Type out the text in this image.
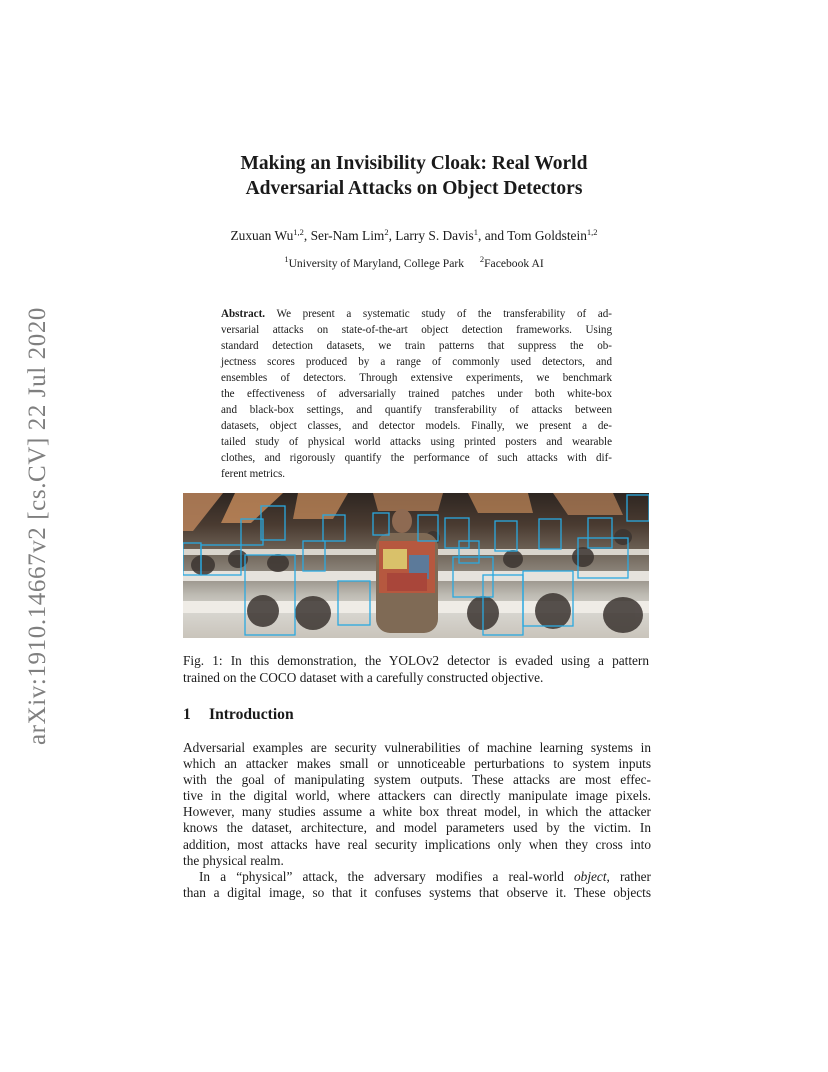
arXiv:1910.14667v2 [cs.CV] 22 Jul 2020
Making an Invisibility Cloak: Real World
Adversarial Attacks on Object Detectors
Zuxuan Wu$^{1,2}$, Ser-Nam Lim$^2$, Larry S. Davis$^1$, and Tom Goldstein$^{1,2}$
$^1$University of Maryland, College Park $^2$Facebook AI
Abstract. We present a systematic study of the transferability of ad-
versarial attacks on state-of-the-art object detection frameworks. Using
standard detection datasets, we train patterns that suppress the ob-
jectness scores produced by a range of commonly used detectors, and
ensembles of detectors. Through extensive experiments, we benchmark
the effectiveness of adversarially trained patches under both white-box
and black-box settings, and quantify transferability of attacks between
datasets, object classes, and detector models. Finally, we present a de-
tailed study of physical world attacks using printed posters and wearable
clothes, and rigorously quantify the performance of such attacks with dif-
ferent metrics.
Fig. 1: In this demonstration, the YOLOv2 detector is evaded using a pattern
trained on the COCO dataset with a carefully constructed objective.
1 Introduction
Adversarial examples are security vulnerabilities of machine learning systems in
which an attacker makes small or unnoticeable perturbations to system inputs
with the goal of manipulating system outputs. These attacks are most effec-
tive in the digital world, where attackers can directly manipulate image pixels.
However, many studies assume a white box threat model, in which the attacker
knows the dataset, architecture, and model parameters used by the victim. In
addition, most attacks have real security implications only when they cross into
the physical realm.
In a “physical” attack, the adversary modifies a real-world object, rather
than a digital image, so that it confuses systems that observe it. These objects
